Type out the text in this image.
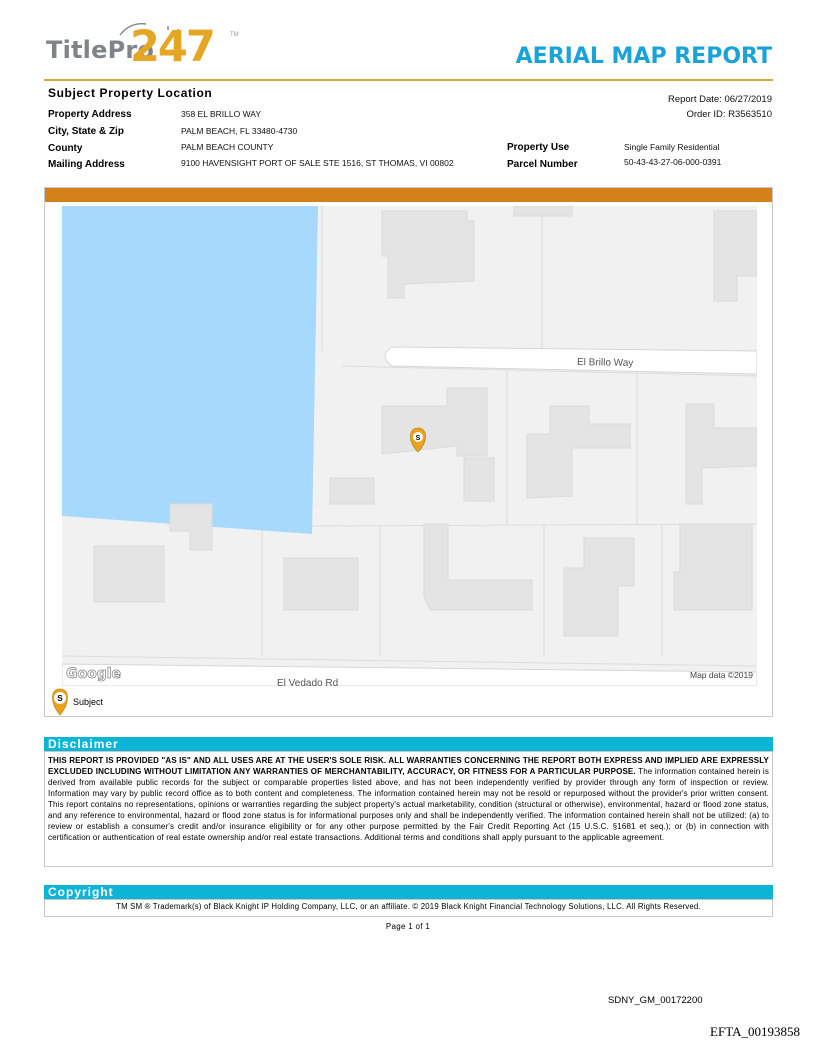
TitlePro
247	TM
AERIAL MAP REPORT
Subject Property Location	Report Date: 06/27/2019
Order ID: R3563510
Property Address	358 EL BRILLO WAY
City, State & Zip	PALM BEACH, FL 33480-4730
County	PALM BEACH COUNTY
Mailing Address	9100 HAVENSIGHT PORT OF SALE STE 1516, ST THOMAS, VI 00802
Property Use	Single Family Residential
Parcel Number	50-43-43-27-06-000-0391
El Brillo Way
El Vedado Rd
Google	Map data ©2019
S
S Subject
Disclaimer
THIS REPORT IS PROVIDED "AS IS" AND ALL USES ARE AT THE USER'S SOLE RISK. ALL WARRANTIES CONCERNING THE REPORT BOTH EXPRESS AND IMPLIED ARE EXPRESSLY EXCLUDED INCLUDING WITHOUT LIMITATION ANY WARRANTIES OF MERCHANTABILITY, ACCURACY, OR FITNESS FOR A PARTICULAR PURPOSE. The information contained herein is derived from available public records for the subject or comparable properties listed above, and has not been independently verified by provider through any form of inspection or review. Information may vary by public record office as to both content and completeness. The information contained herein may not be resold or repurposed without the provider's prior written consent. This report contains no representations, opinions or warranties regarding the subject property's actual marketability, condition (structural or otherwise), environmental, hazard or flood zone status, and any reference to environmental, hazard or flood zone status is for informational purposes only and shall be independently verified. The information contained herein shall not be utilized: (a) to review or establish a consumer's credit and/or insurance eligibility or for any other purpose permitted by the Fair Credit Reporting Act (15 U.S.C. §1681 et seq.); or (b) in connection with certification or authentication of real estate ownership and/or real estate transactions. Additional terms and conditions shall apply pursuant to the applicable agreement.
Copyright
TM SM ® Trademark(s) of Black Knight IP Holding Company, LLC, or an affiliate. © 2019 Black Knight Financial Technology Solutions, LLC. All Rights Reserved.
Page 1 of 1
SDNY_GM_00172200
EFTA_00193858
